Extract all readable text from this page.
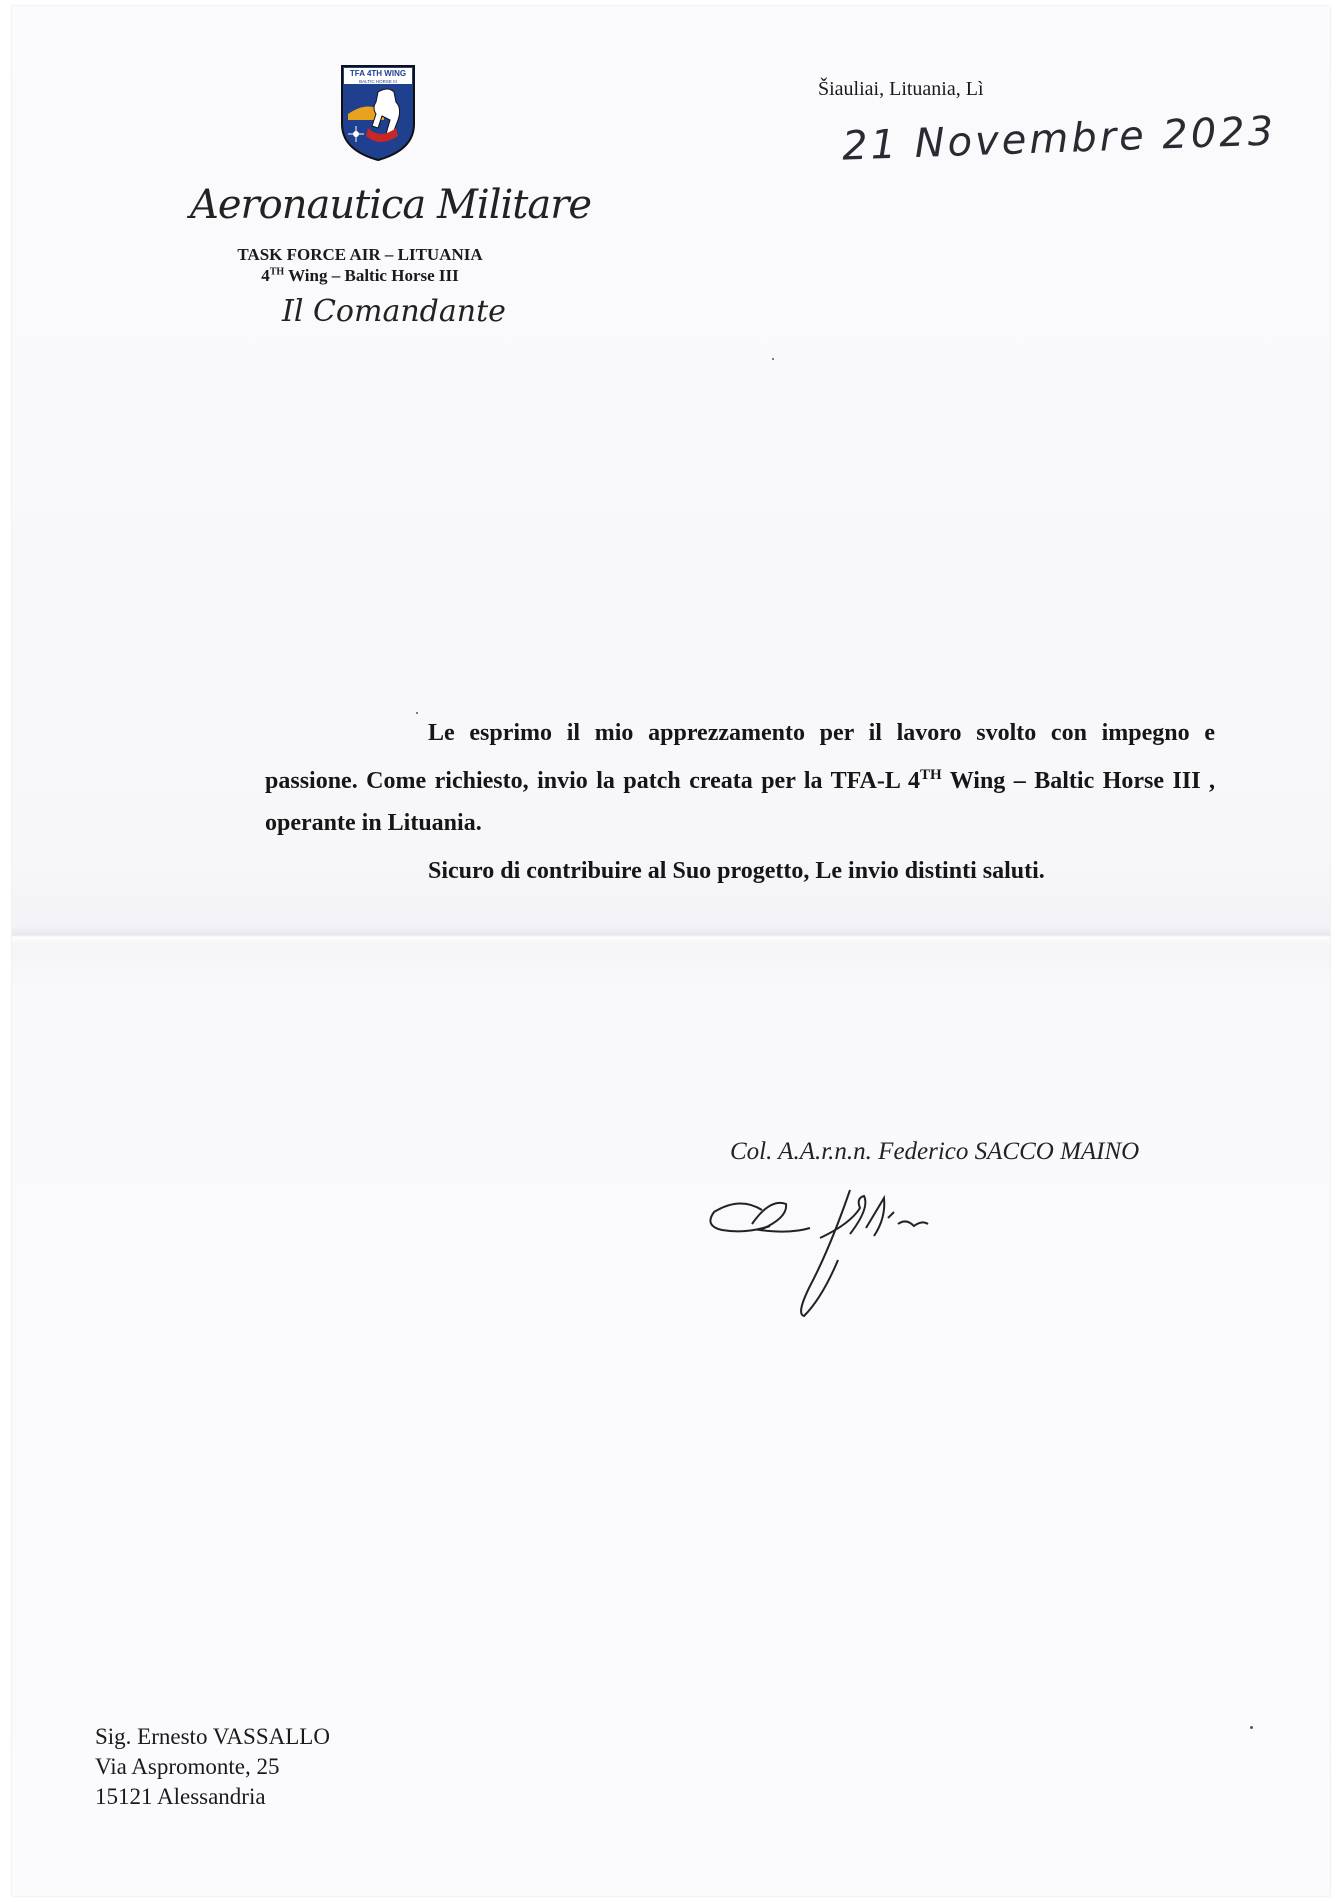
TFA 4TH WING
BALTIC HORSE III
Aeronautica Militare
TASK FORCE AIR – LITUANIA
4TH Wing – Baltic Horse III
Il Comandante
Šiauliai, Lituania, Lì
21 Novembre 2023

Le esprimo il mio apprezzamento per il lavoro svolto con impegno e passione. Come richiesto, invio la patch creata per la TFA-L 4TH Wing – Baltic Horse III , operante in Lituania.

Sicuro di contribuire al Suo progetto, Le invio distinti saluti.

Col. A.A.r.n.n. Federico SACCO MAINO
Sig. Ernesto VASSALLO
Via Aspromonte, 25
15121 Alessandria
